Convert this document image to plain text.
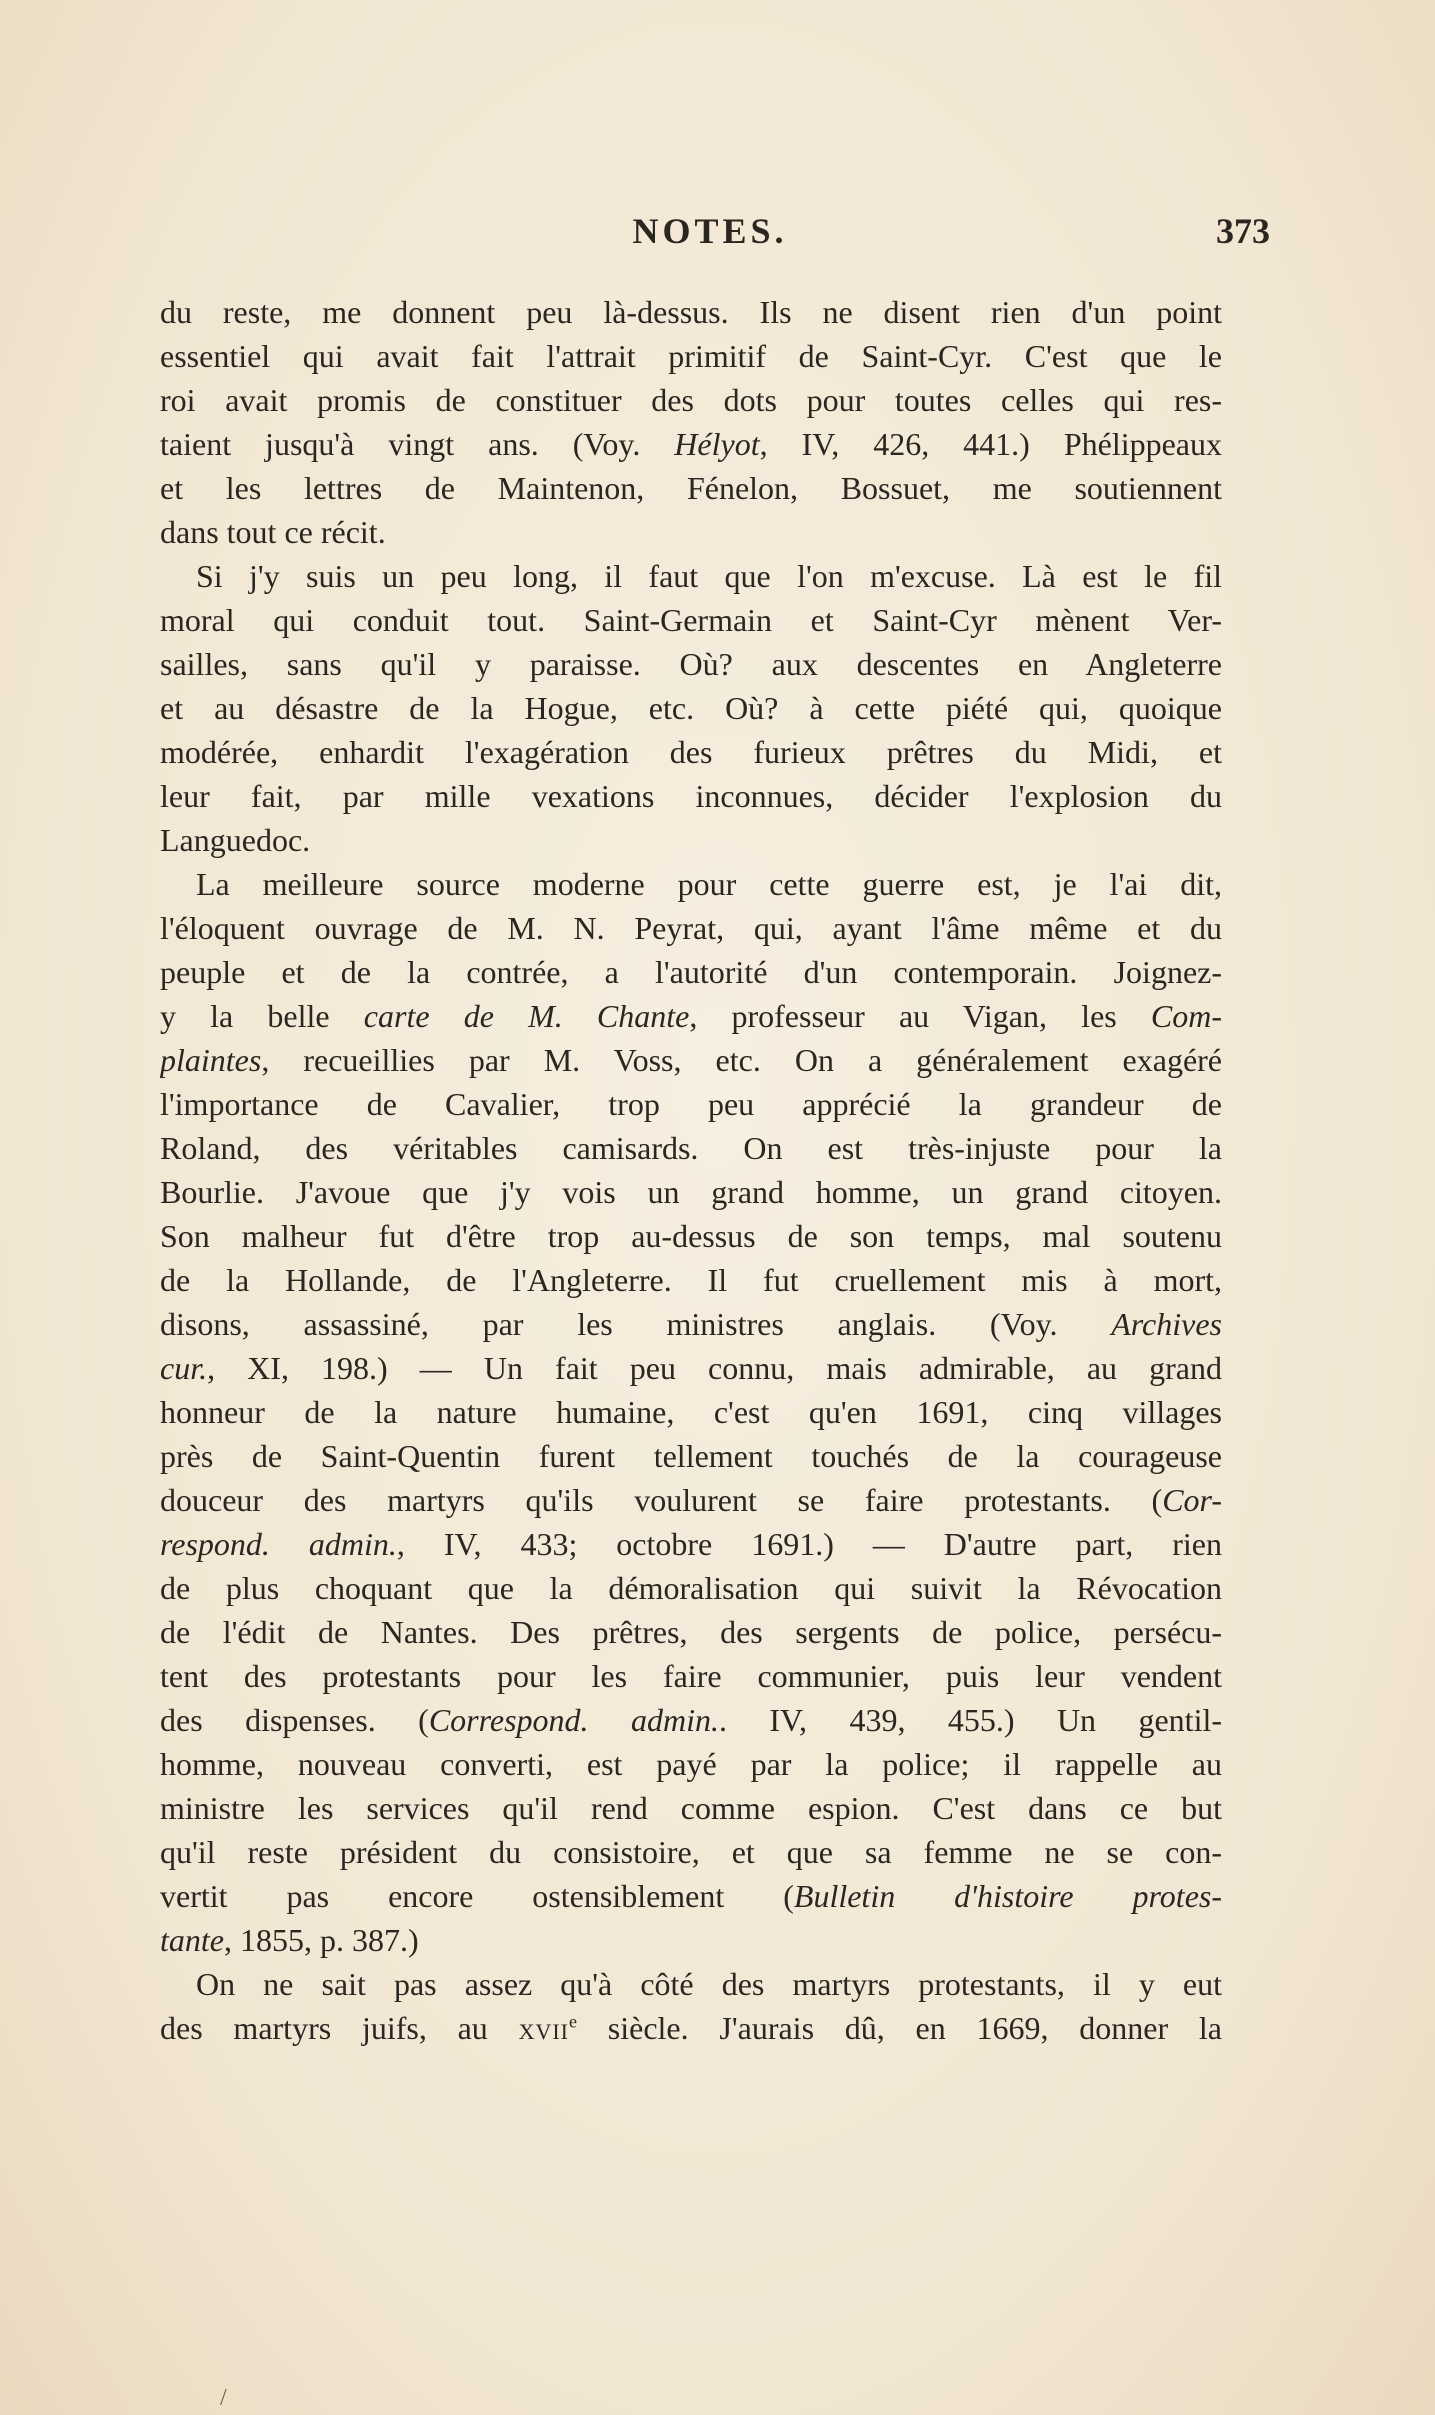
NOTES.	373
du reste, me donnent peu là-dessus. Ils ne disent rien d'un point
essentiel qui avait fait l'attrait primitif de Saint-Cyr. C'est que le
roi avait promis de constituer des dots pour toutes celles qui res-
taient jusqu'à vingt ans. (Voy. Hélyot, IV, 426, 441.) Phélippeaux
et les lettres de Maintenon, Fénelon, Bossuet, me soutiennent
dans tout ce récit.
Si j'y suis un peu long, il faut que l'on m'excuse. Là est le fil
moral qui conduit tout. Saint-Germain et Saint-Cyr mènent Ver-
sailles, sans qu'il y paraisse. Où? aux descentes en Angleterre
et au désastre de la Hogue, etc. Où? à cette piété qui, quoique
modérée, enhardit l'exagération des furieux prêtres du Midi, et
leur fait, par mille vexations inconnues, décider l'explosion du
Languedoc.
La meilleure source moderne pour cette guerre est, je l'ai dit,
l'éloquent ouvrage de M. N. Peyrat, qui, ayant l'âme même et du
peuple et de la contrée, a l'autorité d'un contemporain. Joignez-
y la belle carte de M. Chante, professeur au Vigan, les Com-
plaintes, recueillies par M. Voss, etc. On a généralement exagéré
l'importance de Cavalier, trop peu apprécié la grandeur de
Roland, des véritables camisards. On est très-injuste pour la
Bourlie. J'avoue que j'y vois un grand homme, un grand citoyen.
Son malheur fut d'être trop au-dessus de son temps, mal soutenu
de la Hollande, de l'Angleterre. Il fut cruellement mis à mort,
disons, assassiné, par les ministres anglais. (Voy. Archives
cur., XI, 198.) — Un fait peu connu, mais admirable, au grand
honneur de la nature humaine, c'est qu'en 1691, cinq villages
près de Saint-Quentin furent tellement touchés de la courageuse
douceur des martyrs qu'ils voulurent se faire protestants. (Cor-
respond. admin., IV, 433; octobre 1691.) — D'autre part, rien
de plus choquant que la démoralisation qui suivit la Révocation
de l'édit de Nantes. Des prêtres, des sergents de police, persécu-
tent des protestants pour les faire communier, puis leur vendent
des dispenses. (Correspond. admin.. IV, 439, 455.) Un gentil-
homme, nouveau converti, est payé par la police; il rappelle au
ministre les services qu'il rend comme espion. C'est dans ce but
qu'il reste président du consistoire, et que sa femme ne se con-
vertit pas encore ostensiblement (Bulletin d'histoire protes-
tante, 1855, p. 387.)
On ne sait pas assez qu'à côté des martyrs protestants, il y eut
des martyrs juifs, au XVIIe siècle. J'aurais dû, en 1669, donner la
/
